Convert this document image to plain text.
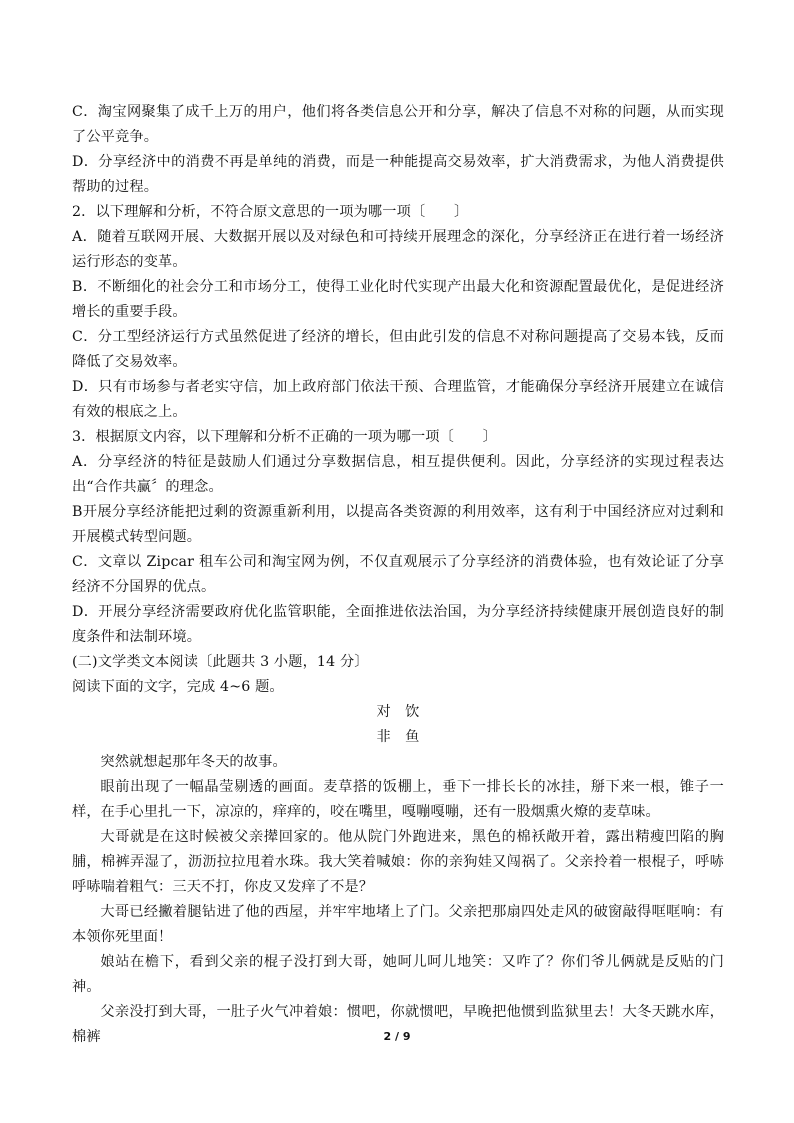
C．淘宝网聚集了成千上万的用户，他们将各类信息公开和分享，解决了信息不对称的问题，从而实现了公平竞争。

D．分享经济中的消费不再是单纯的消费，而是一种能提高交易效率，扩大消费需求，为他人消费提供帮助的过程。

2．以下理解和分析，不符合原文意思的一项为哪一项〔　　〕

A．随着互联网开展、大数据开展以及对绿色和可持续开展理念的深化，分享经济正在进行着一场经济运行形态的变革。

B．不断细化的社会分工和市场分工，使得工业化时代实现产出最大化和资源配置最优化，是促进经济增长的重要手段。

C．分工型经济运行方式虽然促进了经济的增长，但由此引发的信息不对称问题提高了交易本钱，反而降低了交易效率。

D．只有市场参与者老实守信，加上政府部门依法干预、合理监管，才能确保分享经济开展建立在诚信有效的根底之上。

3．根据原文内容，以下理解和分析不正确的一项为哪一项〔　　〕

A．分享经济的特征是鼓励人们通过分享数据信息，相互提供便利。因此，分享经济的实现过程表达出“合作共赢〞的理念。

B开展分享经济能把过剩的资源重新利用，以提高各类资源的利用效率，这有利于中国经济应对过剩和开展模式转型问题。

C．文章以 Zipcar 租车公司和淘宝网为例，不仅直观展示了分享经济的消费体验，也有效论证了分享经济不分国界的优点。

D．开展分享经济需要政府优化监管职能，全面推进依法治国，为分享经济持续健康开展创造良好的制度条件和法制环境。

(二)文学类文本阅读〔此题共 3 小题，14 分〕

阅读下面的文字，完成 4~6 题。

对　饮

非　鱼

突然就想起那年冬天的故事。

眼前出现了一幅晶莹剔透的画面。麦草搭的饭棚上，垂下一排长长的冰挂，掰下来一根，锥子一样，在手心里扎一下，凉凉的，痒痒的，咬在嘴里，嘎嘣嘎嘣，还有一股烟熏火燎的麦草味。

大哥就是在这时候被父亲撵回家的。他从院门外跑进来，黑色的棉袄敞开着，露出精瘦凹陷的胸脯，棉裤弄湿了，沥沥拉拉甩着水珠。我大笑着喊娘：你的亲狗娃又闯祸了。父亲拎着一根棍子，呼哧呼哧喘着粗气：三天不打，你皮又发痒了不是？

大哥已经撇着腿钻进了他的西屋，并牢牢地堵上了门。父亲把那扇四处走风的破窗敲得哐哐响：有本领你死里面！

娘站在檐下，看到父亲的棍子没打到大哥，她呵儿呵儿地笑：又咋了？你们爷儿俩就是反贴的门神。

父亲没打到大哥，一肚子火气冲着娘：惯吧，你就惯吧，早晚把他惯到监狱里去！大冬天跳水库，棉裤	2 / 9
